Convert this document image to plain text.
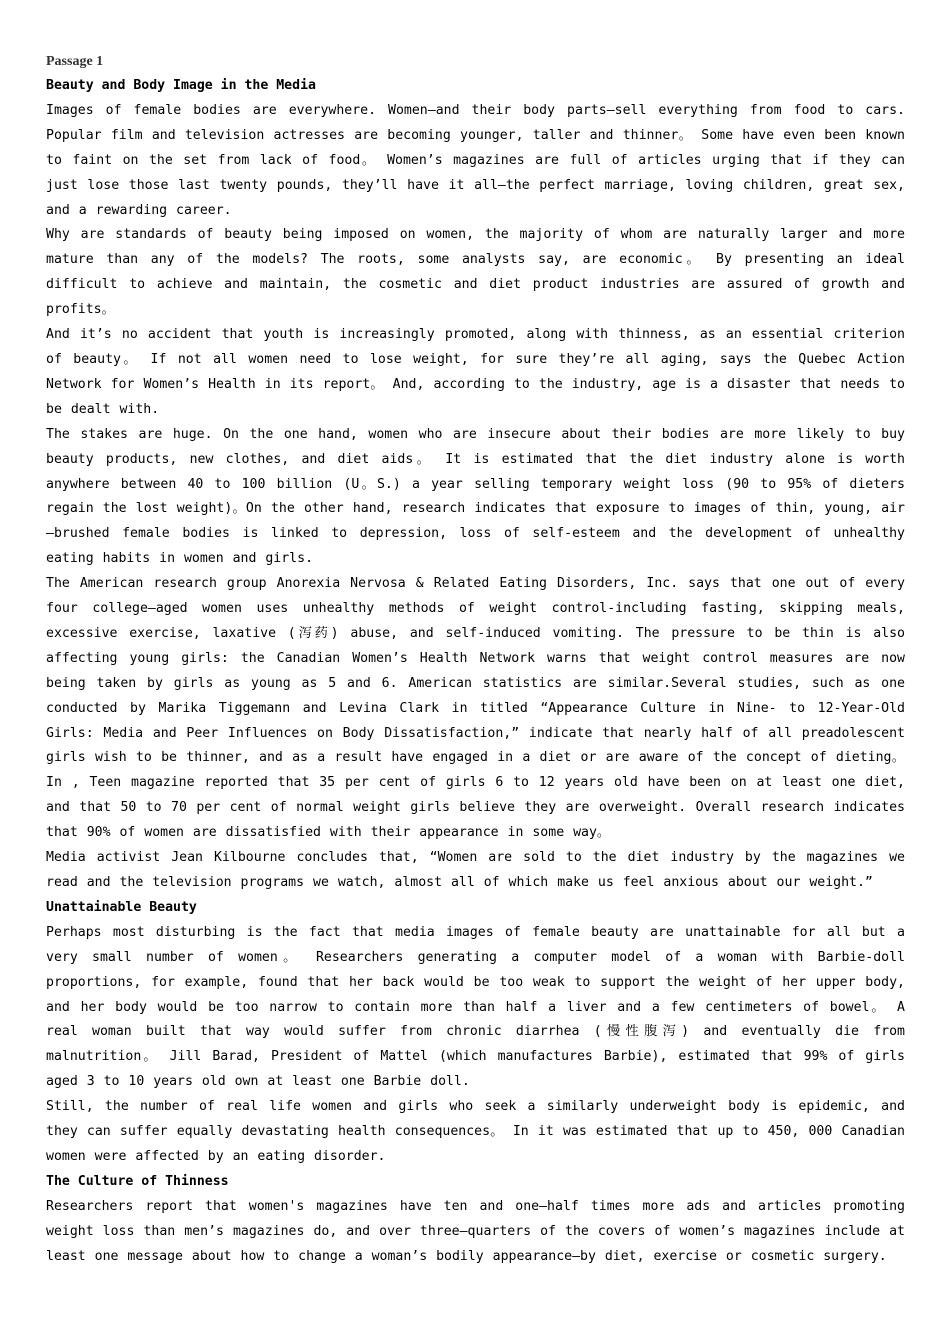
Passage 1
Beauty and Body Image in the Media

Images of female bodies are everywhere. Women—and their body parts—sell everything from food to cars. Popular film and television actresses are becoming younger, taller and thinner。 Some have even been known to faint on the set from lack of food。 Women’s magazines are full of articles urging that if they can just lose those last twenty pounds, they’ll have it all—the perfect marriage, loving children, great sex, and a rewarding career.

Why are standards of beauty being imposed on women, the majority of whom are naturally larger and more mature than any of the models? The roots, some analysts say, are economic。 By presenting an ideal difficult to achieve and maintain, the cosmetic and diet product industries are assured of growth and profits。

And it’s no accident that youth is increasingly promoted, along with thinness, as an essential criterion of beauty。 If not all women need to lose weight, for sure they’re all aging, says the Quebec Action Network for Women’s Health in its report。 And, according to the industry, age is a disaster that needs to be dealt with.

The stakes are huge. On the one hand, women who are insecure about their bodies are more likely to buy beauty products, new clothes, and diet aids。 It is estimated that the diet industry alone is worth anywhere between 40 to 100 billion (U。S.) a year selling temporary weight loss (90 to 95% of dieters regain the lost weight)。On the other hand, research indicates that exposure to images of thin, young, air—brushed female bodies is linked to depression, loss of self-esteem and the development of unhealthy eating habits in women and girls.

The American research group Anorexia Nervosa & Related Eating Disorders, Inc. says that one out of every four college—aged women uses unhealthy methods of weight control-including fasting, skipping meals, excessive exercise, laxative (泻药) abuse, and self-induced vomiting. The pressure to be thin is also affecting young girls: the Canadian Women’s Health Network warns that weight control measures are now being taken by girls as young as 5 and 6. American statistics are similar.Several studies, such as one conducted by Marika Tiggemann and Levina Clark in titled “Appearance Culture in Nine- to 12-Year-Old Girls: Media and Peer Influences on Body Dissatisfaction,” indicate that nearly half of all preadolescent girls wish to be thinner, and as a result have engaged in a diet or are aware of the concept of dieting。 In , Teen magazine reported that 35 per cent of girls 6 to 12 years old have been on at least one diet, and that 50 to 70 per cent of normal weight girls believe they are overweight. Overall research indicates that 90% of women are dissatisfied with their appearance in some way。

Media activist Jean Kilbourne concludes that, “Women are sold to the diet industry by the magazines we read and the television programs we watch, almost all of which make us feel anxious about our weight.”

Unattainable Beauty

Perhaps most disturbing is the fact that media images of female beauty are unattainable for all but a very small number of women。 Researchers generating a computer model of a woman with Barbie-doll proportions, for example, found that her back would be too weak to support the weight of her upper body, and her body would be too narrow to contain more than half a liver and a few centimeters of bowel。 A real woman built that way would suffer from chronic diarrhea (慢性腹泻) and eventually die from malnutrition。 Jill Barad, President of Mattel (which manufactures Barbie), estimated that 99% of girls aged 3 to 10 years old own at least one Barbie doll.

Still, the number of real life women and girls who seek a similarly underweight body is epidemic, and they can suffer equally devastating health consequences。 In it was estimated that up to 450, 000 Canadian women were affected by an eating disorder.

The Culture of Thinness

Researchers report that women's magazines have ten and one—half times more ads and articles promoting weight loss than men’s magazines do, and over three—quarters of the covers of women’s magazines include at least one message about how to change a woman’s bodily appearance—by diet, exercise or cosmetic surgery.
